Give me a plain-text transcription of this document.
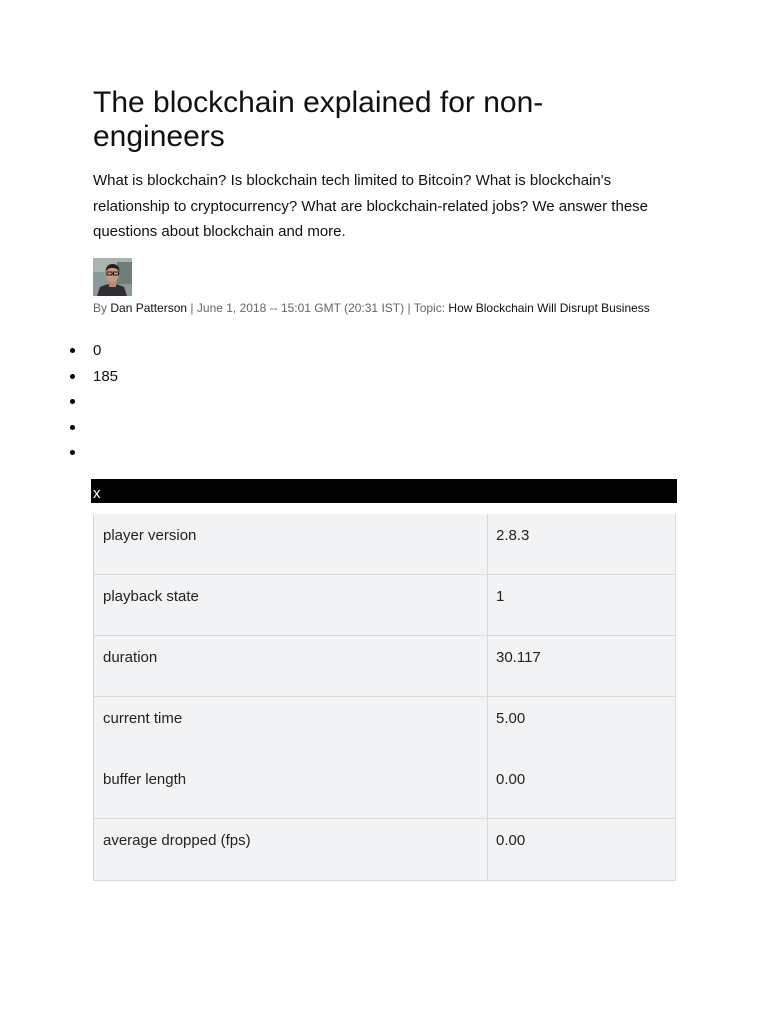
The blockchain explained for non-engineers

What is blockchain? Is blockchain tech limited to Bitcoin? What is blockchain's relationship to cryptocurrency? What are blockchain-related jobs? We answer these questions about blockchain and more.

By Dan Patterson | June 1, 2018 -- 15:01 GMT (20:31 IST) | Topic: How Blockchain Will Disrupt Business
0
185
x
player version	2.8.3
playback state	1
duration	30.117
current time	5.00
buffer length	0.00
average dropped (fps)	0.00
